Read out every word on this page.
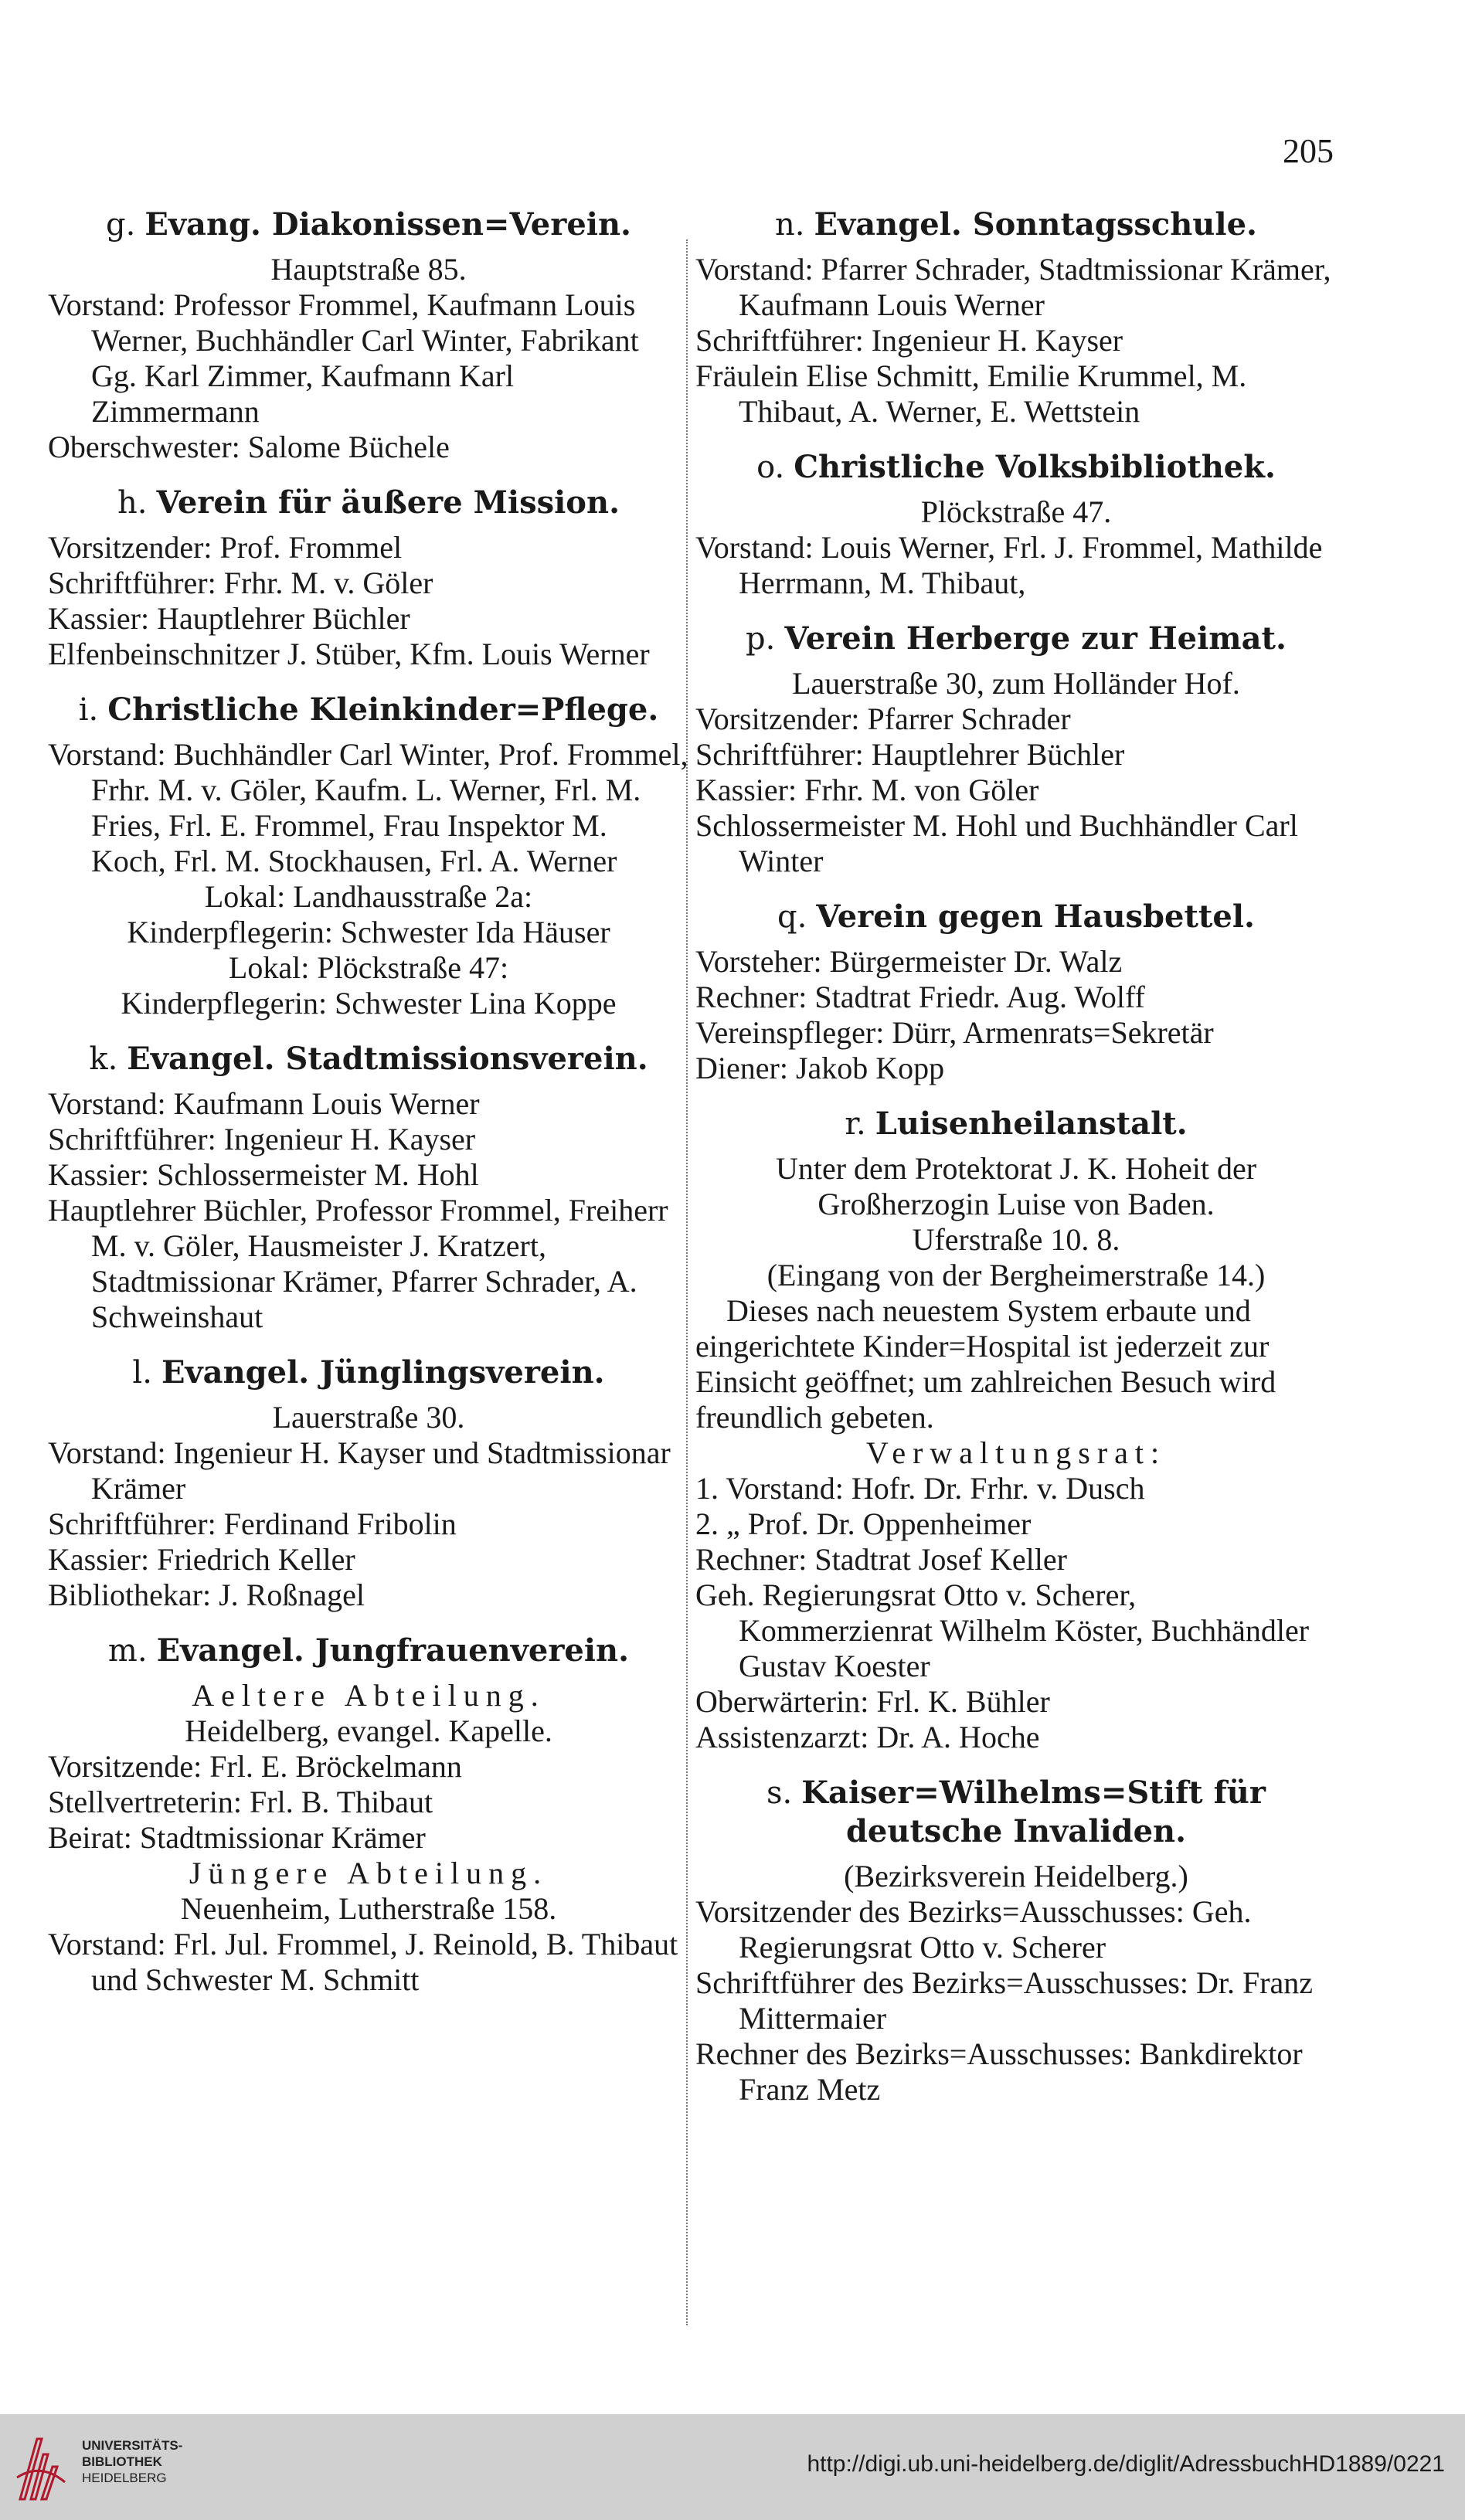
205
g. Evang. Diakonissen=Verein.
Hauptstraße 85.
Vorstand: Professor Frommel, Kaufmann Louis Werner, Buchhändler Carl Winter, Fabrikant Gg. Karl Zimmer, Kaufmann Karl Zimmermann
Oberschwester: Salome Büchele
h. Verein für äußere Mission.
Vorsitzender: Prof. Frommel
Schriftführer: Frhr. M. v. Göler
Kassier: Hauptlehrer Büchler
Elfenbeinschnitzer J. Stüber, Kfm. Louis Werner
i. Christliche Kleinkinder=Pflege.
Vorstand: Buchhändler Carl Winter, Prof. Frommel, Frhr. M. v. Göler, Kaufm. L. Werner, Frl. M. Fries, Frl. E. Frommel, Frau Inspektor M. Koch, Frl. M. Stockhausen, Frl. A. Werner
Lokal: Landhausstraße 2a:
Kinderpflegerin: Schwester Ida Häuser
Lokal: Plöckstraße 47:
Kinderpflegerin: Schwester Lina Koppe
k. Evangel. Stadtmissionsverein.
Vorstand: Kaufmann Louis Werner
Schriftführer: Ingenieur H. Kayser
Kassier: Schlossermeister M. Hohl
Hauptlehrer Büchler, Professor Frommel, Freiherr M. v. Göler, Hausmeister J. Kratzert, Stadtmissionar Krämer, Pfarrer Schrader, A. Schweinshaut
l. Evangel. Jünglingsverein.
Lauerstraße 30.
Vorstand: Ingenieur H. Kayser und Stadtmissionar Krämer
Schriftführer: Ferdinand Fribolin
Kassier: Friedrich Keller
Bibliothekar: J. Roßnagel
m. Evangel. Jungfrauenverein.
Aeltere Abteilung.
Heidelberg, evangel. Kapelle.
Vorsitzende: Frl. E. Bröckelmann
Stellvertreterin: Frl. B. Thibaut
Beirat: Stadtmissionar Krämer
Jüngere Abteilung.
Neuenheim, Lutherstraße 158.
Vorstand: Frl. Jul. Frommel, J. Reinold, B. Thibaut und Schwester M. Schmitt
n. Evangel. Sonntagsschule.
Vorstand: Pfarrer Schrader, Stadtmissionar Krämer, Kaufmann Louis Werner
Schriftführer: Ingenieur H. Kayser
Fräulein Elise Schmitt, Emilie Krummel, M. Thibaut, A. Werner, E. Wettstein
o. Christliche Volksbibliothek.
Plöckstraße 47.
Vorstand: Louis Werner, Frl. J. Frommel, Mathilde Herrmann, M. Thibaut,
p. Verein Herberge zur Heimat.
Lauerstraße 30, zum Holländer Hof.
Vorsitzender: Pfarrer Schrader
Schriftführer: Hauptlehrer Büchler
Kassier: Frhr. M. von Göler
Schlossermeister M. Hohl und Buchhändler Carl Winter
q. Verein gegen Hausbettel.
Vorsteher: Bürgermeister Dr. Walz
Rechner: Stadtrat Friedr. Aug. Wolff
Vereinspfleger: Dürr, Armenrats=Sekretär
Diener: Jakob Kopp
r. Luisenheilanstalt.
Unter dem Protektorat J. K. Hoheit der Großherzogin Luise von Baden.
Uferstraße 10. 8.
(Eingang von der Bergheimerstraße 14.)
Dieses nach neuestem System erbaute und eingerichtete Kinder=Hospital ist jederzeit zur Einsicht geöffnet; um zahlreichen Besuch wird freundlich gebeten.
Verwaltungsrat:
1. Vorstand: Hofr. Dr. Frhr. v. Dusch
2. „ Prof. Dr. Oppenheimer
Rechner: Stadtrat Josef Keller
Geh. Regierungsrat Otto v. Scherer, Kommerzienrat Wilhelm Köster, Buchhändler Gustav Koester
Oberwärterin: Frl. K. Bühler
Assistenzarzt: Dr. A. Hoche
s. Kaiser=Wilhelms=Stift für deutsche Invaliden.
(Bezirksverein Heidelberg.)
Vorsitzender des Bezirks=Ausschusses: Geh. Regierungsrat Otto v. Scherer
Schriftführer des Bezirks=Ausschusses: Dr. Franz Mittermaier
Rechner des Bezirks=Ausschusses: Bankdirektor Franz Metz
UNIVERSITÄTS-
BIBLIOTHEK
HEIDELBERG
http://digi.ub.uni-heidelberg.de/diglit/AdressbuchHD1889/0221
